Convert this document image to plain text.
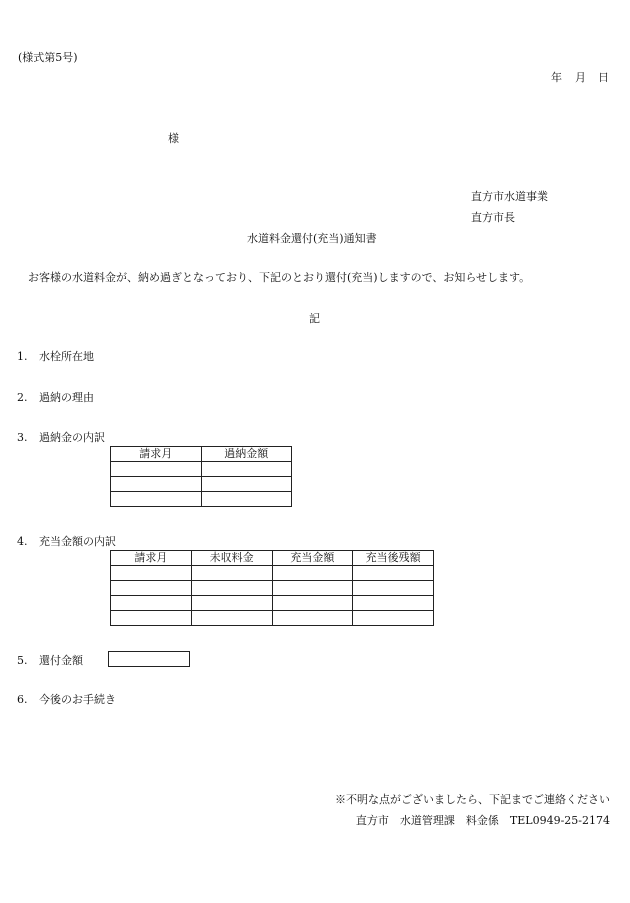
(様式第5号)
年 月 日
様
直方市水道事業
直方市長
水道料金還付(充当)通知書
お客様の水道料金が、納め過ぎとなっており、下記のとおり還付(充当)しますので、お知らせします。
記
1. 水栓所在地
2. 過納の理由
3. 過納金の内訳
請求月	過納金額

4. 充当金額の内訳
請求月	未収料金	充当金額	充当後残額

5. 還付金額
6. 今後のお手続き
※不明な点がございましたら、下記までご連絡ください
直方市　水道管理課　料金係　TEL0949-25-2174
